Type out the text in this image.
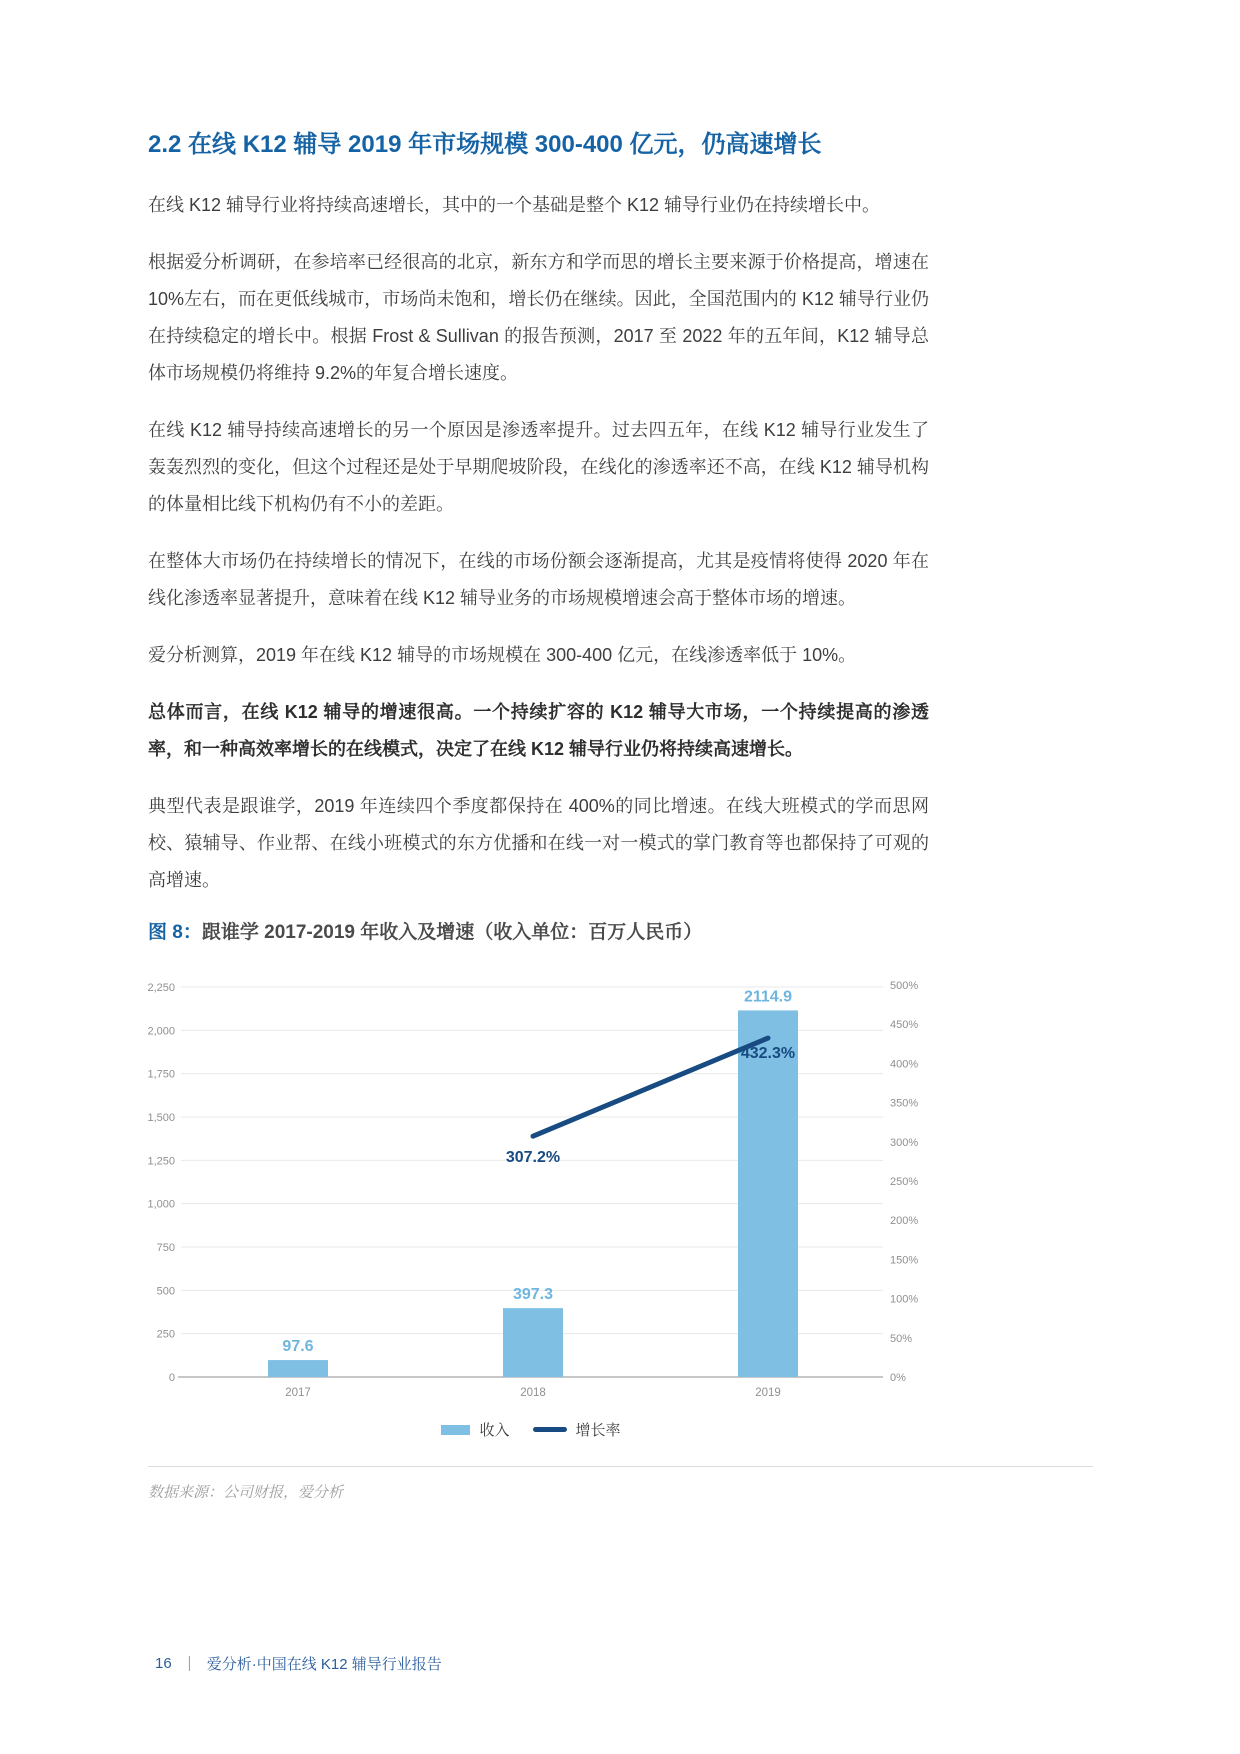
2.2 在线 K12 辅导 2019 年市场规模 300-400 亿元，仍高速增长

在线 K12 辅导行业将持续高速增长，其中的一个基础是整个 K12 辅导行业仍在持续增长中。

根据爱分析调研，在参培率已经很高的北京，新东方和学而思的增长主要来源于价格提高，增速在 10%左右，而在更低线城市，市场尚未饱和，增长仍在继续。因此，全国范围内的 K12 辅导行业仍在持续稳定的增长中。根据 Frost & Sullivan 的报告预测，2017 至 2022 年的五年间，K12 辅导总体市场规模仍将维持 9.2%的年复合增长速度。

在线 K12 辅导持续高速增长的另一个原因是渗透率提升。过去四五年，在线 K12 辅导行业发生了轰轰烈烈的变化，但这个过程还是处于早期爬坡阶段，在线化的渗透率还不高，在线 K12 辅导机构的体量相比线下机构仍有不小的差距。

在整体大市场仍在持续增长的情况下，在线的市场份额会逐渐提高，尤其是疫情将使得 2020 年在线化渗透率显著提升，意味着在线 K12 辅导业务的市场规模增速会高于整体市场的增速。

爱分析测算，2019 年在线 K12 辅导的市场规模在 300-400 亿元，在线渗透率低于 10%。

总体而言，在线 K12 辅导的增速很高。一个持续扩容的 K12 辅导大市场，一个持续提高的渗透率，和一种高效率增长的在线模式，决定了在线 K12 辅导行业仍将持续高速增长。

典型代表是跟谁学，2019 年连续四个季度都保持在 400%的同比增速。在线大班模式的学而思网校、猿辅导、作业帮、在线小班模式的东方优播和在线一对一模式的掌门教育等也都保持了可观的高增速。

图 8：跟谁学 2017-2019 年收入及增速（收入单位：百万人民币）
0
250
500
750
1,000
1,250
1,500
1,750
2,000
2,250
0%
50%
100%
150%
200%
250%
300%
350%
400%
450%
500%
97.6
397.3
2114.9
2017	2018	2019
307.2%
432.3%
收入	增长率
数据来源：公司财报，爱分析
16 ｜ 爱分析·中国在线 K12 辅导行业报告
